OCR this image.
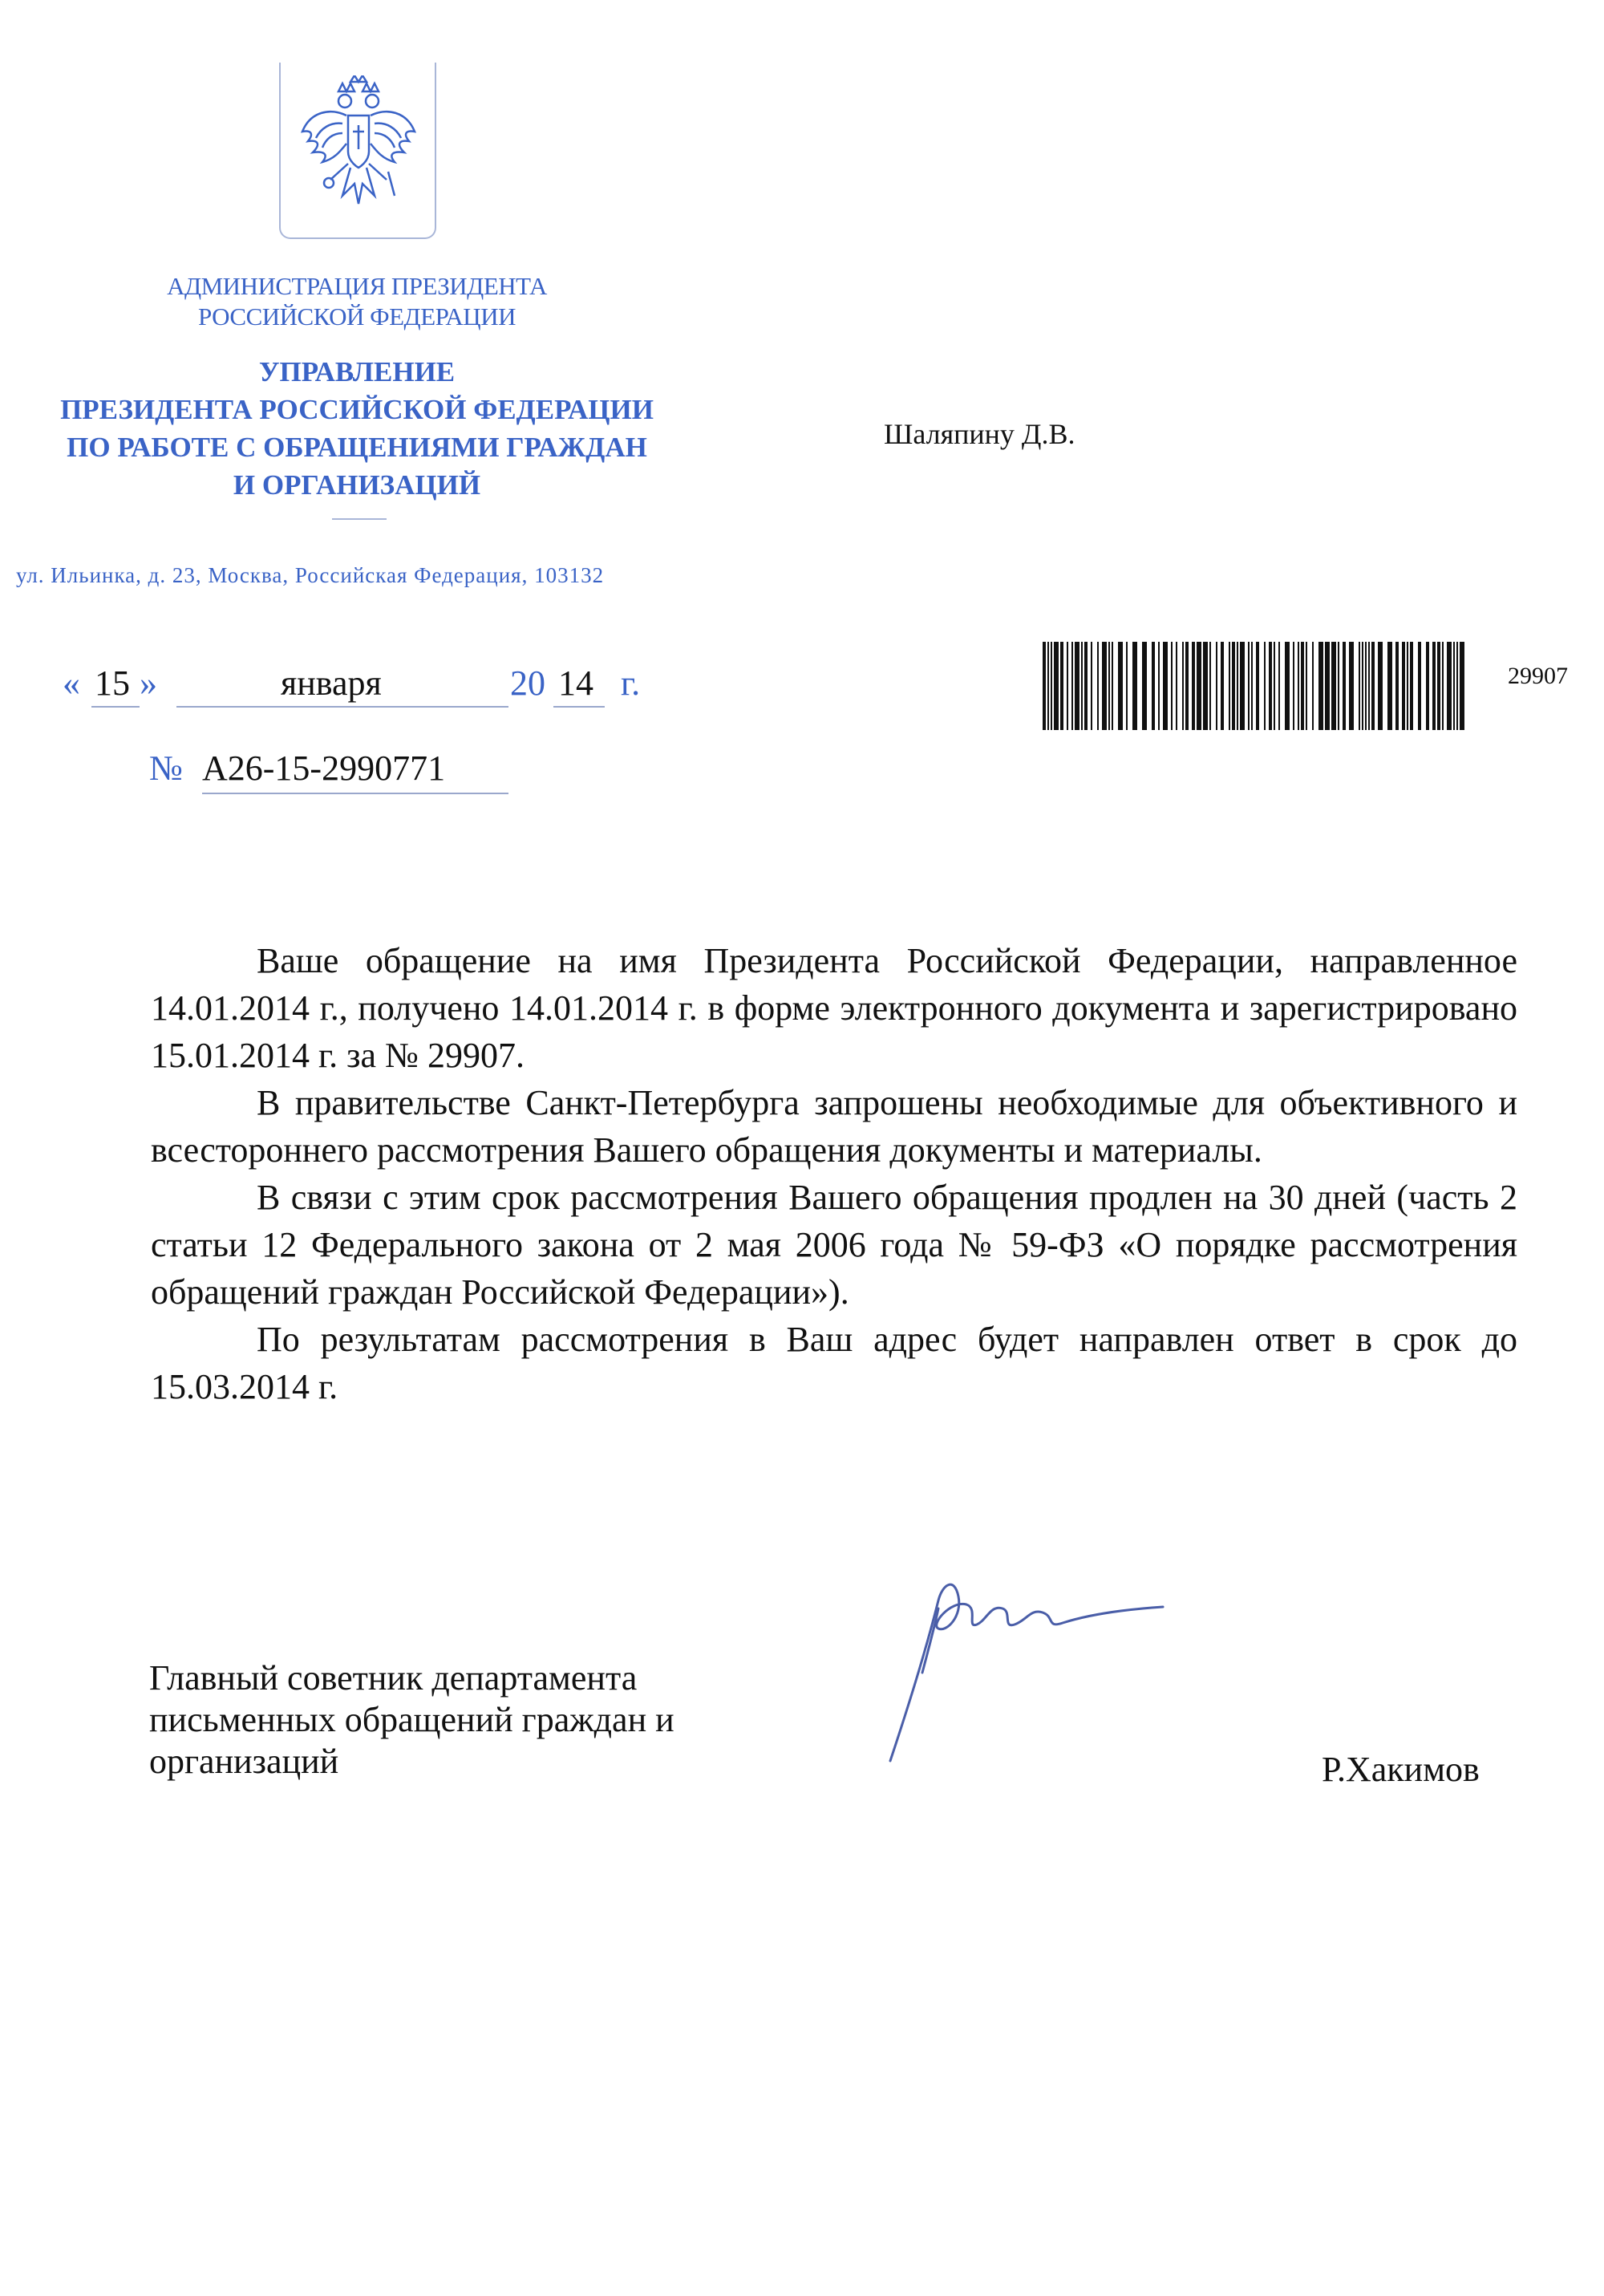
АДМИНИСТРАЦИЯ ПРЕЗИДЕНТА
РОССИЙСКОЙ ФЕДЕРАЦИИ
УПРАВЛЕНИЕ
ПРЕЗИДЕНТА РОССИЙСКОЙ ФЕДЕРАЦИИ
ПО РАБОТЕ С ОБРАЩЕНИЯМИ ГРАЖДАН
И ОРГАНИЗАЦИЙ
ул. Ильинка, д. 23, Москва, Российская Федерация, 103132
Шаляпину Д.В.
« 15 »	января	20 14 г.
№ А26-15-2990771
29907

Ваше обращение на имя Президента Российской Федерации, направленное 14.01.2014 г., получено 14.01.2014 г. в форме электронного документа и зарегистрировано 15.01.2014 г. за № 29907.

В правительстве Санкт-Петербурга запрошены необходимые для объективного и всестороннего рассмотрения Вашего обращения документы и материалы.

В связи с этим срок рассмотрения Вашего обращения продлен на 30 дней (часть 2 статьи 12 Федерального закона от 2 мая 2006 года № 59-ФЗ «О порядке рассмотрения обращений граждан Российской Федерации»).

По результатам рассмотрения в Ваш адрес будет направлен ответ в срок до 15.03.2014 г.

Главный советник департамента
письменных обращений граждан и
организаций	Р.Хакимов
